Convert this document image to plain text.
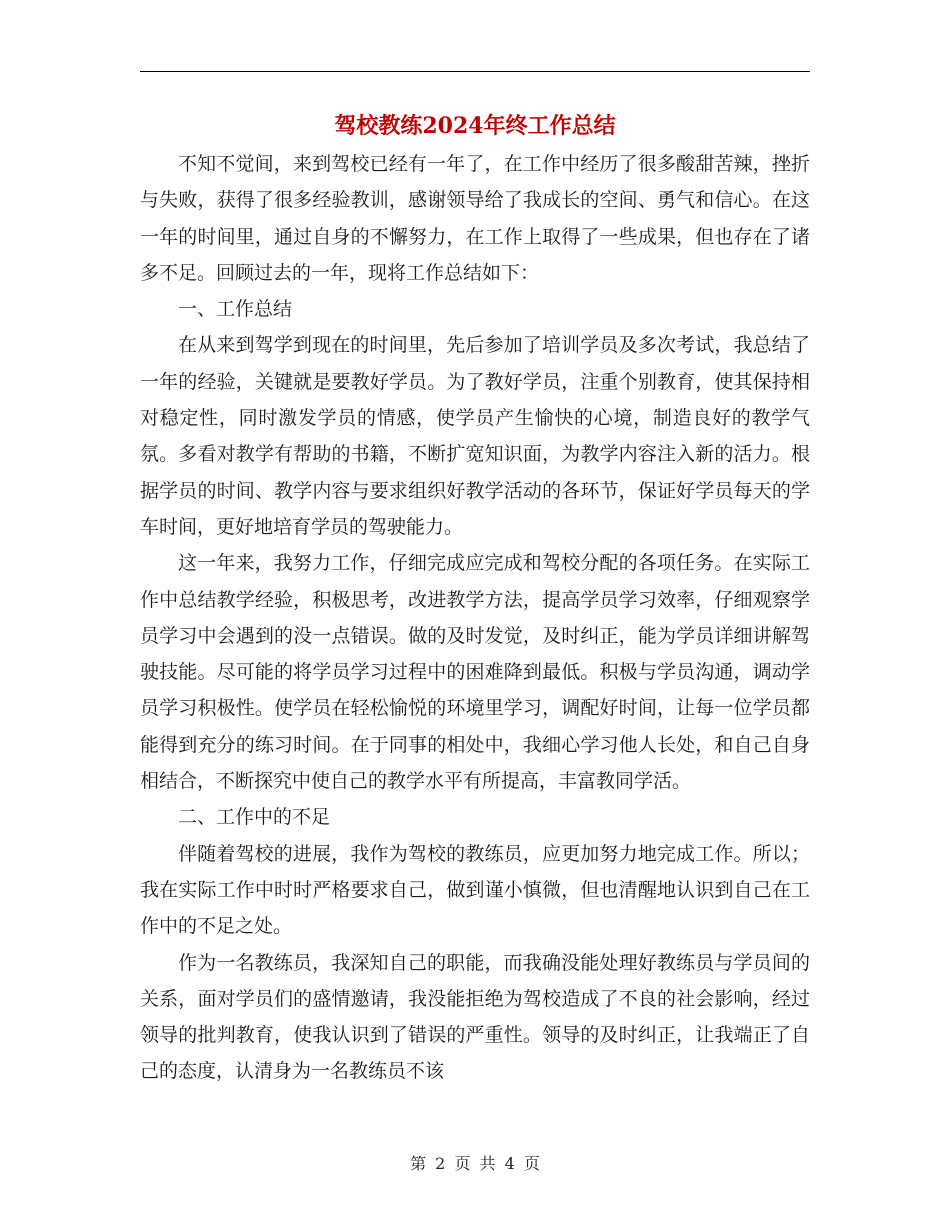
驾校教练2024年终工作总结

不知不觉间，来到驾校已经有一年了，在工作中经历了很多酸甜苦辣，挫折与失败，获得了很多经验教训，感谢领导给了我成长的空间、勇气和信心。在这一年的时间里，通过自身的不懈努力，在工作上取得了一些成果，但也存在了诸多不足。回顾过去的一年，现将工作总结如下：

一、工作总结

在从来到驾学到现在的时间里，先后参加了培训学员及多次考试，我总结了一年的经验，关键就是要教好学员。为了教好学员，注重个别教育，使其保持相对稳定性，同时激发学员的情感，使学员产生愉快的心境，制造良好的教学气氛。多看对教学有帮助的书籍，不断扩宽知识面，为教学内容注入新的活力。根据学员的时间、教学内容与要求组织好教学活动的各环节，保证好学员每天的学车时间，更好地培育学员的驾驶能力。

这一年来，我努力工作，仔细完成应完成和驾校分配的各项任务。在实际工作中总结教学经验，积极思考，改进教学方法，提高学员学习效率，仔细观察学员学习中会遇到的没一点错误。做的及时发觉，及时纠正，能为学员详细讲解驾驶技能。尽可能的将学员学习过程中的困难降到最低。积极与学员沟通，调动学员学习积极性。使学员在轻松愉悦的环境里学习，调配好时间，让每一位学员都能得到充分的练习时间。在于同事的相处中，我细心学习他人长处，和自己自身相结合，不断探究中使自己的教学水平有所提高，丰富教同学活。

二、工作中的不足

伴随着驾校的进展，我作为驾校的教练员，应更加努力地完成工作。所以；我在实际工作中时时严格要求自己，做到谨小慎微，但也清醒地认识到自己在工作中的不足之处。

作为一名教练员，我深知自己的职能，而我确没能处理好教练员与学员间的关系，面对学员们的盛情邀请，我没能拒绝为驾校造成了不良的社会影响，经过领导的批判教育，使我认识到了错误的严重性。领导的及时纠正，让我端正了自己的态度，认清身为一名教练员不该

第 2 页 共 4 页
